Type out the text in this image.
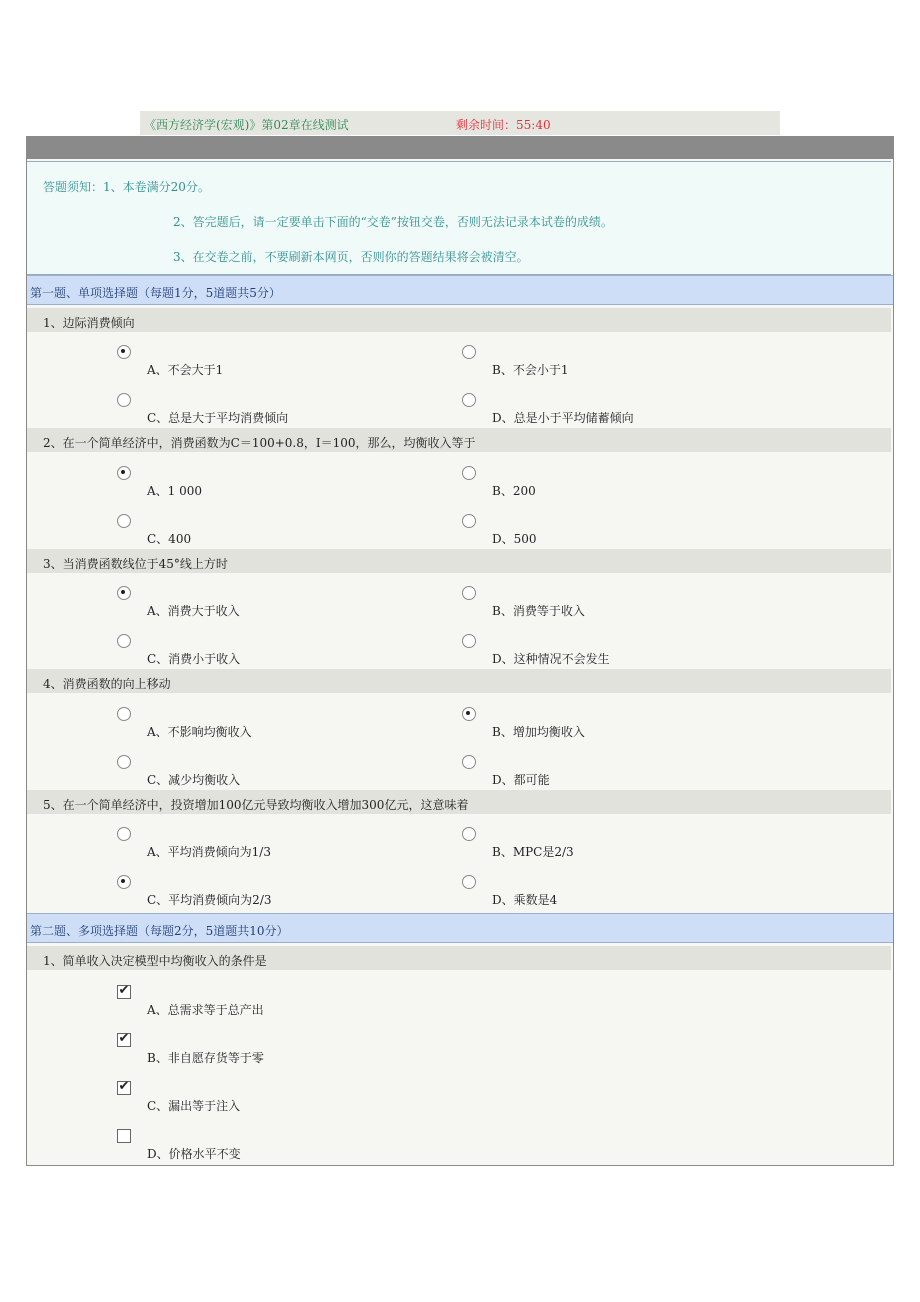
《西方经济学(宏观)》第02章在线测试	剩余时间：55:40
答题须知：1、本卷满分20分。
2、答完题后，请一定要单击下面的“交卷”按钮交卷，否则无法记录本试卷的成绩。
3、在交卷之前，不要刷新本网页，否则你的答题结果将会被清空。
第一题、单项选择题（每题1分，5道题共5分）
1、边际消费倾向
A、不会大于1	B、不会小于1
C、总是大于平均消费倾向	D、总是小于平均储蓄倾向
2、在一个简单经济中，消费函数为C＝100+0.8，I＝100，那么，均衡收入等于
A、1 000	B、200
C、400	D、500
3、当消费函数线位于45°线上方时
A、消费大于收入	B、消费等于收入
C、消费小于收入	D、这种情况不会发生
4、消费函数的向上移动
A、不影响均衡收入	B、增加均衡收入
C、减少均衡收入	D、都可能
5、在一个简单经济中，投资增加100亿元导致均衡收入增加300亿元，这意味着
A、平均消费倾向为1/3	B、MPC是2/3
C、平均消费倾向为2/3	D、乘数是4
第二题、多项选择题（每题2分，5道题共10分）
1、简单收入决定模型中均衡收入的条件是
✔
A、总需求等于总产出
✔
B、非自愿存货等于零
✔
C、漏出等于注入
D、价格水平不变
